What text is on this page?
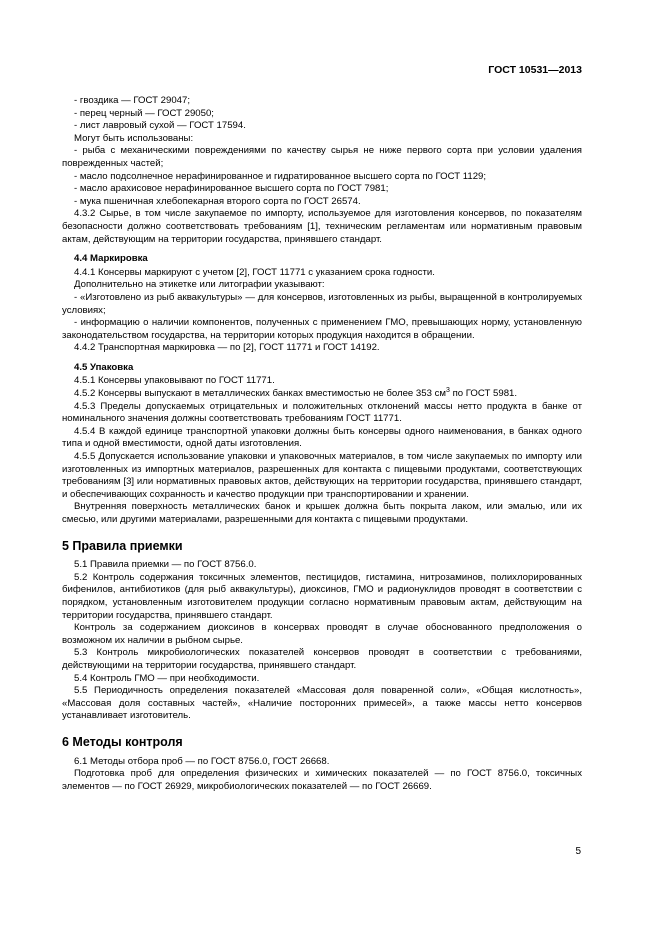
ГОСТ 10531—2013

- гвоздика — ГОСТ 29047;

- перец черный — ГОСТ 29050;

- лист лавровый сухой — ГОСТ 17594.

Могут быть использованы:

- рыба с механическими повреждениями по качеству сырья не ниже первого сорта при условии удаления поврежденных частей;

- масло подсолнечное нерафинированное и гидратированное высшего сорта по ГОСТ 1129;

- масло арахисовое нерафинированное высшего сорта по ГОСТ 7981;

- мука пшеничная хлебопекарная второго сорта по ГОСТ 26574.

4.3.2 Сырье, в том числе закупаемое по импорту, используемое для изготовления консервов, по показателям безопасности должно соответствовать требованиям [1], техническим регламентам или нормативным правовым актам, действующим на территории государства, принявшего стандарт.

4.4 Маркировка

4.4.1 Консервы маркируют с учетом [2], ГОСТ 11771 с указанием срока годности.

Дополнительно на этикетке или литографии указывают:

- «Изготовлено из рыб аквакультуры» — для консервов, изготовленных из рыбы, выращенной в контролируемых условиях;

- информацию о наличии компонентов, полученных с применением ГМО, превышающих норму, установленную законодательством государства, на территории которых продукция находится в обращении.

4.4.2 Транспортная маркировка — по [2], ГОСТ 11771 и ГОСТ 14192.

4.5 Упаковка

4.5.1 Консервы упаковывают по ГОСТ 11771.

4.5.2 Консервы выпускают в металлических банках вместимостью не более 353 $см^3$ по ГОСТ 5981.

4.5.3 Пределы допускаемых отрицательных и положительных отклонений массы нетто продукта в банке от номинального значения должны соответствовать требованиям ГОСТ 11771.

4.5.4 В каждой единице транспортной упаковки должны быть консервы одного наименования, в банках одного типа и одной вместимости, одной даты изготовления.

4.5.5 Допускается использование упаковки и упаковочных материалов, в том числе закупаемых по импорту или изготовленных из импортных материалов, разрешенных для контакта с пищевыми продуктами, соответствующих требованиям [3] или нормативных правовых актов, действующих на территории государства, принявшего стандарт, и обеспечивающих сохранность и качество продукции при транспортировании и хранении.

Внутренняя поверхность металлических банок и крышек должна быть покрыта лаком, или эмалью, или их смесью, или другими материалами, разрешенными для контакта с пищевыми продуктами.

5 Правила приемки

5.1 Правила приемки — по ГОСТ 8756.0.

5.2 Контроль содержания токсичных элементов, пестицидов, гистамина, нитрозаминов, полихлорированных бифенилов, антибиотиков (для рыб аквакультуры), диоксинов, ГМО и радионуклидов проводят в соответствии с порядком, установленным изготовителем продукции согласно нормативным правовым актам, действующим на территории государства, принявшего стандарт.

Контроль за содержанием диоксинов в консервах проводят в случае обоснованного предположения о возможном их наличии в рыбном сырье.

5.3 Контроль микробиологических показателей консервов проводят в соответствии с требованиями, действующими на территории государства, принявшего стандарт.

5.4 Контроль ГМО — при необходимости.

5.5 Периодичность определения показателей «Массовая доля поваренной соли», «Общая кислотность», «Массовая доля составных частей», «Наличие посторонних примесей», а также массы нетто консервов устанавливает изготовитель.

6 Методы контроля

6.1 Методы отбора проб — по ГОСТ 8756.0, ГОСТ 26668.

Подготовка проб для определения физических и химических показателей — по ГОСТ 8756.0, токсичных элементов — по ГОСТ 26929, микробиологических показателей — по ГОСТ 26669.

5
